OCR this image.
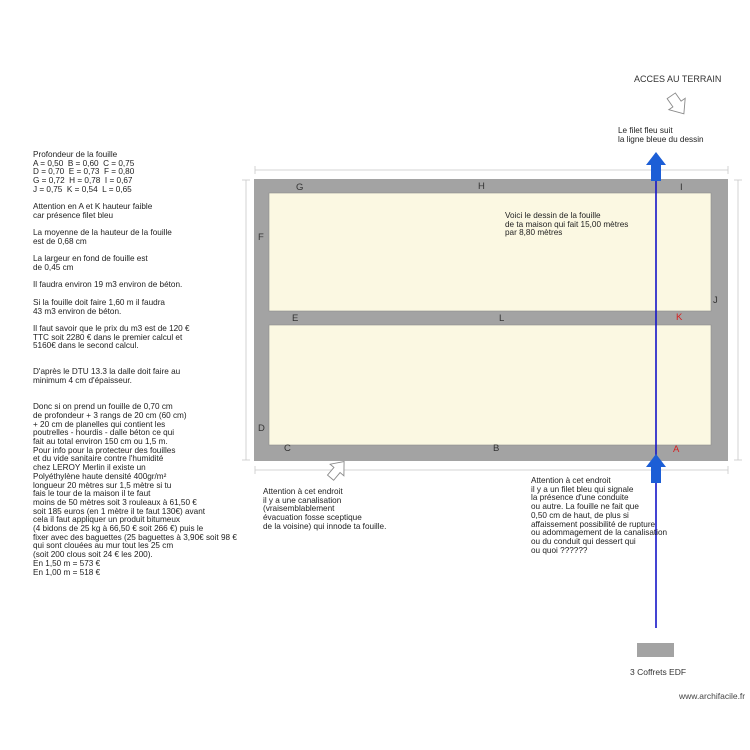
ACCES AU TERRAIN
Le filet fleu suit
la ligne bleue du dessin
Profondeur de la fouille
A = 0,50  B = 0,60  C = 0,75
D = 0,70  E = 0,73  F = 0,80
G = 0,72  H = 0,78  I = 0,67
J = 0,75  K = 0,54  L = 0,65
Attention en A et K hauteur faible
car présence filet bleu
La moyenne de la hauteur de la fouille
est de 0,68 cm
La largeur en fond de fouille est
de 0,45 cm
Il faudra environ 19 m3 environ de béton.
Si la fouille doit faire 1,60 m il faudra
43 m3 environ de béton.
Il faut savoir que le prix du m3 est de 120 €
TTC soit 2280 € dans le premier calcul et
5160€ dans le second calcul.
D'après le DTU 13.3 la dalle doit faire au
minimum 4 cm d'épaisseur.
Donc si on prend un fouille de 0,70 cm
de profondeur + 3 rangs de 20 cm (60 cm)
+ 20 cm de planelles qui contient les
poutrelles - hourdis - dalle béton ce qui
fait au total environ 150 cm ou 1,5 m.
Pour info pour la protecteur des fouilles
et du vide sanitaire contre l'humidité
chez LEROY Merlin il existe un
Polyéthylène haute densité 400gr/m²
longueur 20 mètres sur 1,5 mètre si tu
fais le tour de la maison il te faut
moins de 50 mètres soit 3 rouleaux à 61,50 €
soit 185 euros (en 1 mètre il te faut 130€) avant
cela il faut appliquer un produit bitumeux
(4 bidons de 25 kg à 66,50 € soit 266 €) puis le
fixer avec des baguettes (25 baguettes à 3,90€ soit 98 €
qui sont clouées au mur tout les 25 cm
(soit 200 clous soit 24 € les 200).
En 1,50 m = 573 €
En 1,00 m = 518 €
Voici le dessin de la fouille
de ta maison qui fait 15,00 mètres
par 8,80 mètres
G	H	I
F
J
E	L	K
D
C	B	A
Attention à cet endroit
il y a une canalisation
(vraisemblablement
évacuation fosse sceptique
de la voisine) qui innode ta fouille.
Attention à cet endroit
il y a un filet bleu qui signale
la présence d'une conduite
ou autre. La fouille ne fait que
0,50 cm de haut, de plus si
affaissement possibilité de rupture
ou adommagement de la canalisation
ou du conduit qui dessert qui
ou quoi ??????
3 Coffrets EDF
www.archifacile.fr
